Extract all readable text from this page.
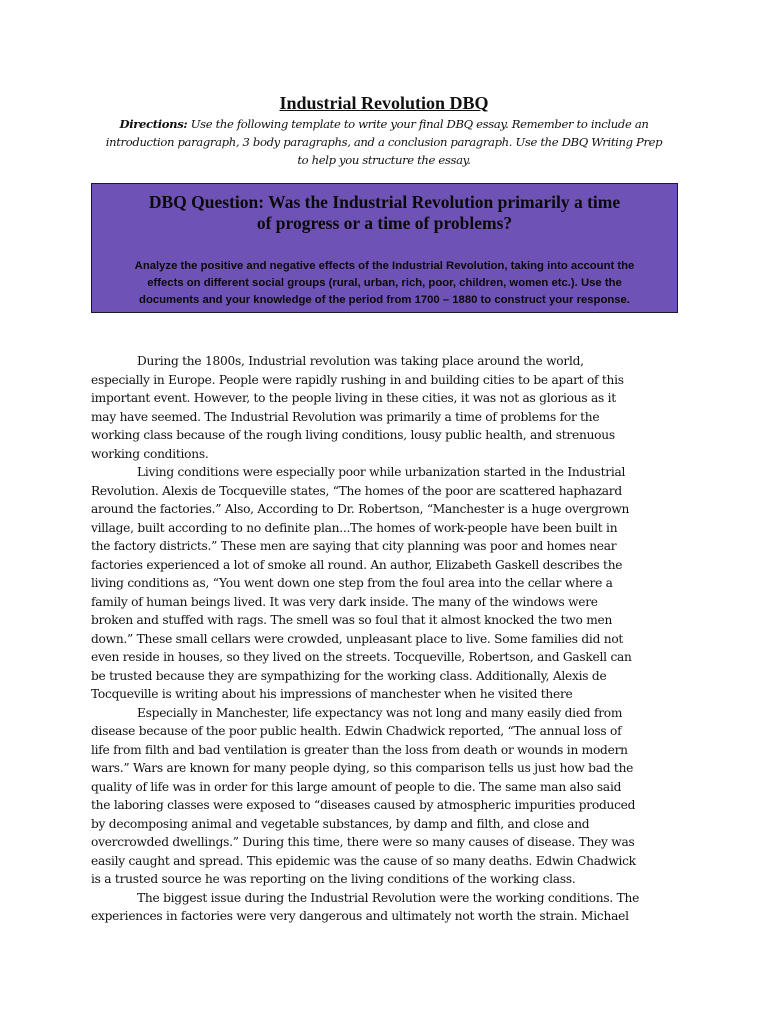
Industrial Revolution DBQ
Directions: Use the following template to write your final DBQ essay. Remember to include an
introduction paragraph, 3 body paragraphs, and a conclusion paragraph. Use the DBQ Writing Prep
to help you structure the essay.
DBQ Question: Was the Industrial Revolution primarily a time
of progress or a time of problems?
Analyze the positive and negative effects of the Industrial Revolution, taking into account the
effects on different social groups (rural, urban, rich, poor, children, women etc.). Use the
documents and your knowledge of the period from 1700 – 1880 to construct your response.
During the 1800s, Industrial revolution was taking place around the world,
especially in Europe. People were rapidly rushing in and building cities to be apart of this
important event. However, to the people living in these cities, it was not as glorious as it
may have seemed. The Industrial Revolution was primarily a time of problems for the
working class because of the rough living conditions, lousy public health, and strenuous
working conditions.
Living conditions were especially poor while urbanization started in the Industrial
Revolution. Alexis de Tocqueville states, “The homes of the poor are scattered haphazard
around the factories.” Also, According to Dr. Robertson, “Manchester is a huge overgrown
village, built according to no definite plan...The homes of work-people have been built in
the factory districts.” These men are saying that city planning was poor and homes near
factories experienced a lot of smoke all round. An author, Elizabeth Gaskell describes the
living conditions as, “You went down one step from the foul area into the cellar where a
family of human beings lived. It was very dark inside. The many of the windows were
broken and stuffed with rags. The smell was so foul that it almost knocked the two men
down.” These small cellars were crowded, unpleasant place to live. Some families did not
even reside in houses, so they lived on the streets. Tocqueville, Robertson, and Gaskell can
be trusted because they are sympathizing for the working class. Additionally, Alexis de
Tocqueville is writing about his impressions of manchester when he visited there
Especially in Manchester, life expectancy was not long and many easily died from
disease because of the poor public health. Edwin Chadwick reported, “The annual loss of
life from filth and bad ventilation is greater than the loss from death or wounds in modern
wars.” Wars are known for many people dying, so this comparison tells us just how bad the
quality of life was in order for this large amount of people to die. The same man also said
the laboring classes were exposed to “diseases caused by atmospheric impurities produced
by decomposing animal and vegetable substances, by damp and filth, and close and
overcrowded dwellings.” During this time, there were so many causes of disease. They was
easily caught and spread. This epidemic was the cause of so many deaths. Edwin Chadwick
is a trusted source he was reporting on the living conditions of the working class.
The biggest issue during the Industrial Revolution were the working conditions. The
experiences in factories were very dangerous and ultimately not worth the strain. Michael
